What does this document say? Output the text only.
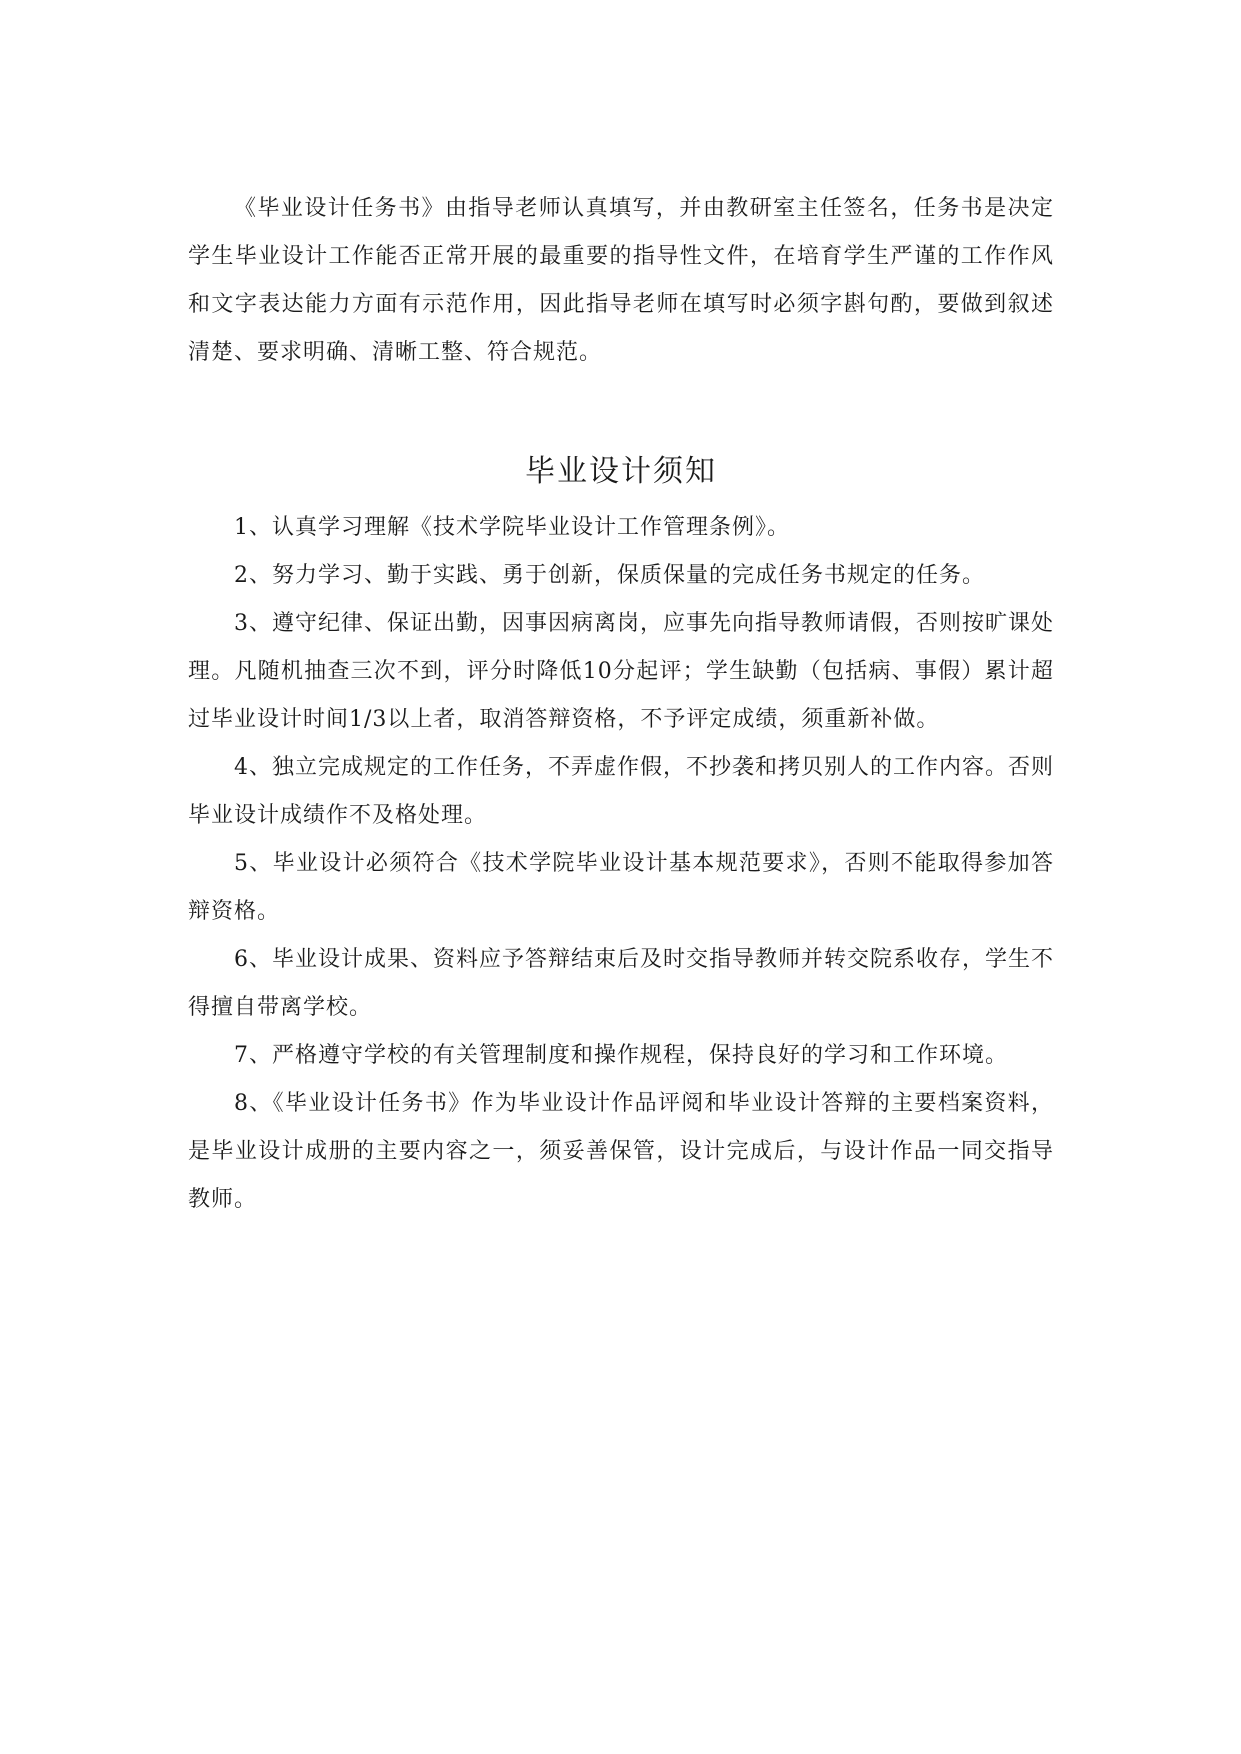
《毕业设计任务书》由指导老师认真填写，并由教研室主任签名，任务书是决定学生毕业设计工作能否正常开展的最重要的指导性文件，在培育学生严谨的工作作风和文字表达能力方面有示范作用，因此指导老师在填写时必须字斟句酌，要做到叙述清楚、要求明确、清晰工整、符合规范。

毕业设计须知
1、认真学习理解《技术学院毕业设计工作管理条例》。
2、努力学习、勤于实践、勇于创新，保质保量的完成任务书规定的任务。
3、遵守纪律、保证出勤，因事因病离岗，应事先向指导教师请假，否则按旷课处理。凡随机抽查三次不到，评分时降低10分起评；学生缺勤（包括病、事假）累计超过毕业设计时间1/3以上者，取消答辩资格，不予评定成绩，须重新补做。
4、独立完成规定的工作任务，不弄虚作假，不抄袭和拷贝别人的工作内容。否则毕业设计成绩作不及格处理。
5、毕业设计必须符合《技术学院毕业设计基本规范要求》，否则不能取得参加答辩资格。
6、毕业设计成果、资料应予答辩结束后及时交指导教师并转交院系收存，学生不得擅自带离学校。
7、严格遵守学校的有关管理制度和操作规程，保持良好的学习和工作环境。
8、《毕业设计任务书》作为毕业设计作品评阅和毕业设计答辩的主要档案资料，是毕业设计成册的主要内容之一，须妥善保管，设计完成后，与设计作品一同交指导教师。
